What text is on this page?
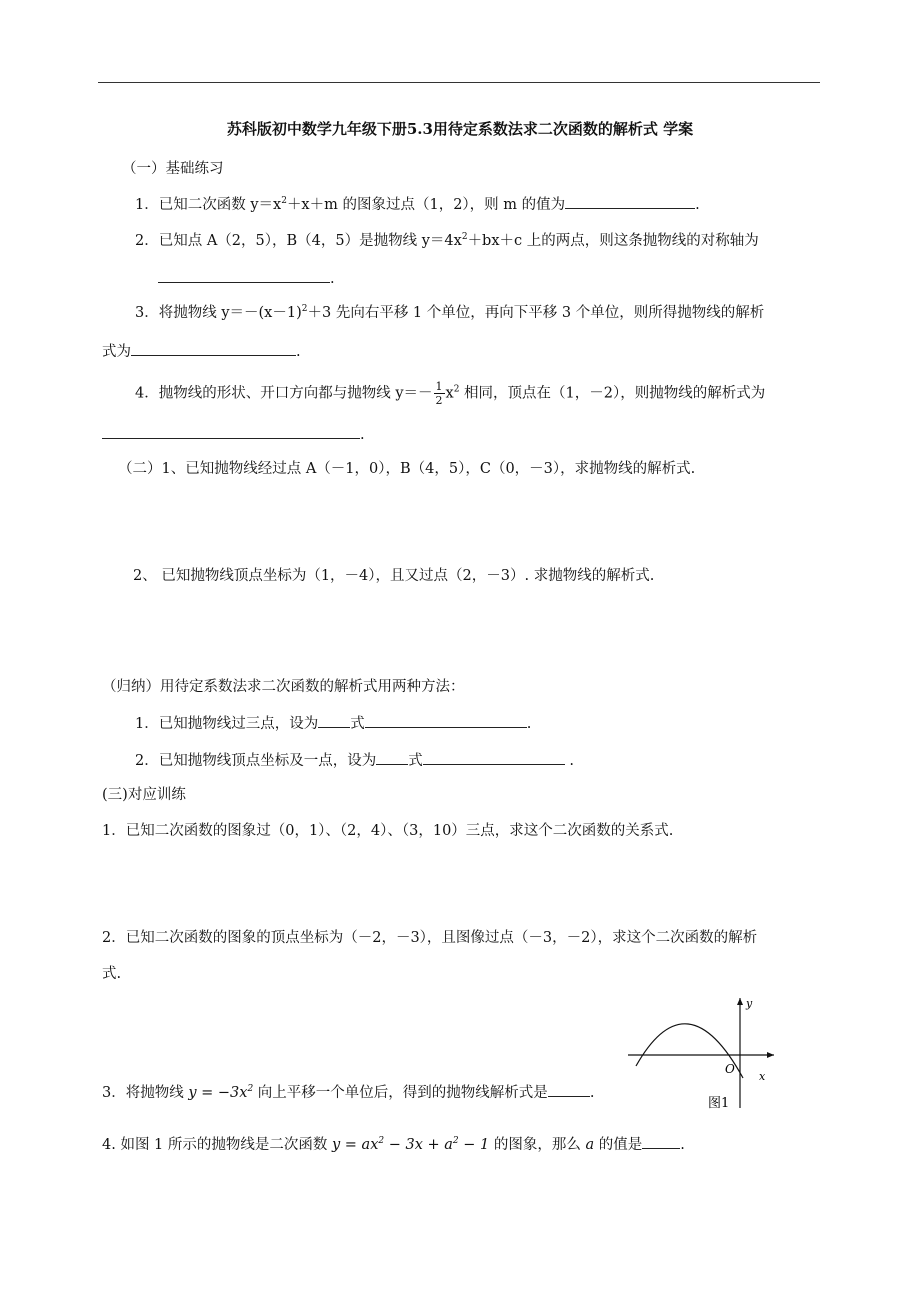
苏科版初中数学九年级下册5.3用待定系数法求二次函数的解析式 学案
（一）基础练习
1．已知二次函数 $y=x^2+x+m$ 的图象过点（1，2），则 m 的值为	.
2．已知点 A（2，5），B（4，5）是抛物线 $y=4x^2+bx+c$ 上的两点，则这条抛物线的对称轴为
.
3．将抛物线 $y=-(x-1)^2+3$ 先向右平移 1 个单位，再向下平移 3 个单位，则所得抛物线的解析
式为	.
4．抛物线的形状、开口方向都与抛物线 $y=- \frac{1}{2} x^2$ 相同，顶点在（1，－2），则抛物线的解析式为
.
（二）1、已知抛物线经过点 A（－1，0），B（4，5），C（0，－3），求抛物线的解析式.
2、 已知抛物线顶点坐标为（1，－4），且又过点（2，－3）. 求抛物线的解析式.
（归纳）用待定系数法求二次函数的解析式用两种方法：
1．已知抛物线过三点，设为 式	.
2．已知抛物线顶点坐标及一点，设为 式	.
(三)对应训练
1．已知二次函数的图象过（0，1）、（2，4）、（3，10）三点，求这个二次函数的关系式.
2．已知二次函数的图象的顶点坐标为（－2，－3），且图像过点（－3，－2），求这个二次函数的解析
式.
3．将抛物线 $y = -3x^2$ 向上平移一个单位后，得到的抛物线解析式是	.
4. 如图 1 所示的抛物线是二次函数 $y = ax^2 - 3x + a^2 - 1$ 的图象，那么 a 的值是	.
y
x
O
图1
